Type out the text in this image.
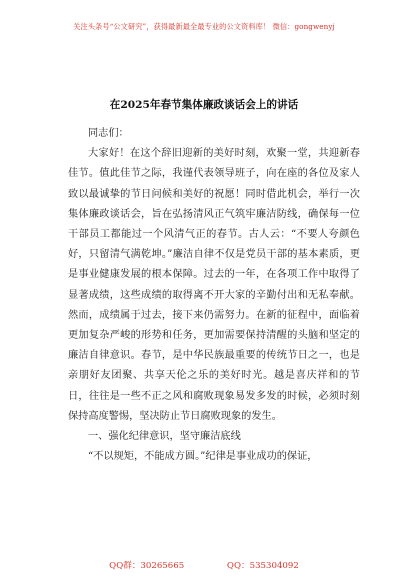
关注头条号“公文研究”，获得最新最全最专业的公文资料库！ 微信：gongwenyj
在2025年春节集体廉政谈话会上的讲话

同志们：

大家好！在这个辞旧迎新的美好时刻，欢聚一堂，共迎新春佳节。值此佳节之际，我谨代表领导班子，向在座的各位及家人致以最诚挚的节日问候和美好的祝愿！同时借此机会，举行一次集体廉政谈话会，旨在弘扬清风正气筑牢廉洁防线，确保每一位干部员工都能过一个风清气正的春节。古人云：“不要人夸颜色好，只留清气满乾坤。”廉洁自律不仅是党员干部的基本素质，更是事业健康发展的根本保障。过去的一年，在各项工作中取得了显著成绩，这些成绩的取得离不开大家的辛勤付出和无私奉献。然而，成绩属于过去，接下来仍需努力。在新的征程中，面临着更加复杂严峻的形势和任务，更加需要保持清醒的头脑和坚定的廉洁自律意识。春节，是中华民族最重要的传统节日之一，也是亲朋好友团聚、共享天伦之乐的美好时光。越是喜庆祥和的节日，往往是一些不正之风和腐败现象易发多发的时候，必须时刻保持高度警惕，坚决防止节日腐败现象的发生。

一、强化纪律意识，坚守廉洁底线

“不以规矩，不能成方圆。”纪律是事业成功的保证，

QQ群：30265665	QQ：535304092
